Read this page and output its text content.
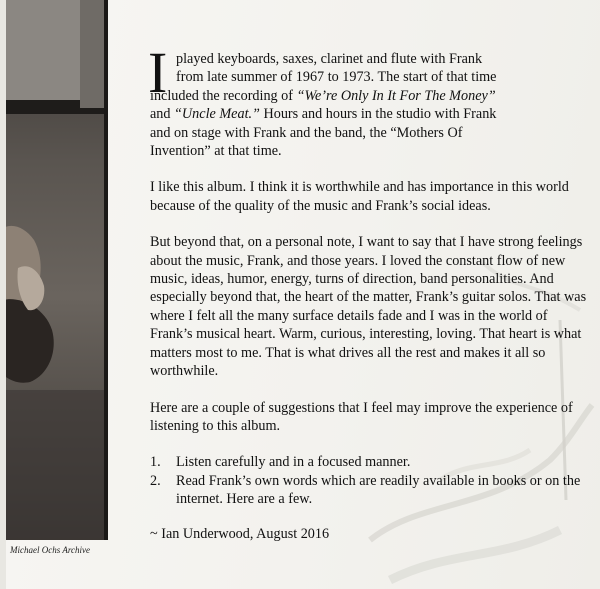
Michael Ochs Archive
I played keyboards, saxes, clarinet and flute with Frank
from late summer of 1967 to 1973. The start of that time
included the recording of “We’re Only In It For The Money”
and “Uncle Meat.” Hours and hours in the studio with Frank
and on stage with Frank and the band, the “Mothers Of
Invention” at that time.

I like this album. I think it is worthwhile and has importance in this world because of the quality of the music and Frank’s social ideas.

But beyond that, on a personal note, I want to say that I have strong feelings about the music, Frank, and those years. I loved the constant flow of new music, ideas, humor, energy, turns of direction, band personalities. And especially beyond that, the heart of the matter, Frank’s guitar solos. That was where I felt all the many surface details fade and I was in the world of Frank’s musical heart. Warm, curious, interesting, loving. That heart is what matters most to me. That is what drives all the rest and makes it all so worthwhile.

Here are a couple of suggestions that I feel may improve the experience of listening to this album.

1. Listen carefully and in a focused manner.
2. Read Frank’s own words which are readily available in books or on the internet. Here are a few.

~ Ian Underwood, August 2016
